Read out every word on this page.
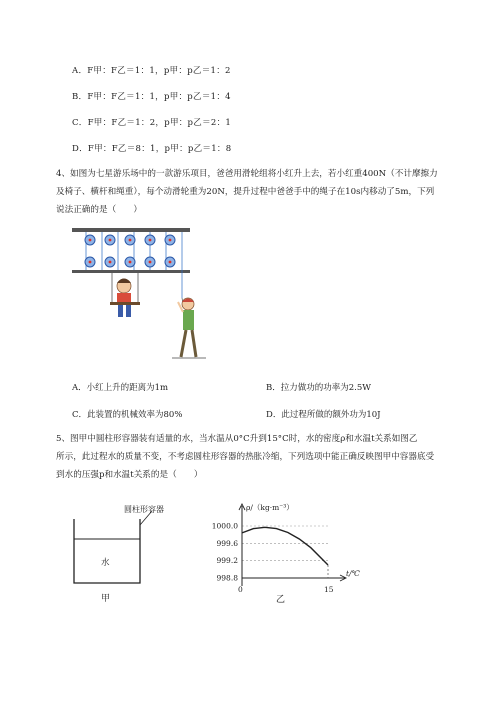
A．F甲：F乙＝1：1，p甲：p乙＝1：2
B．F甲：F乙＝1：1，p甲：p乙＝1：4
C．F甲：F乙＝1：2，p甲：p乙＝2：1
D．F甲：F乙＝8：1，p甲：p乙＝1：8

4、如图为七星游乐场中的一款游乐项目，爸爸用滑轮组将小红升上去，若小红重400N（不计摩擦力

及椅子、横杆和绳重），每个动滑轮重为20N，提升过程中爸爸手中的绳子在10s内移动了5m，下列

说法正确的是（　　）

A．小红上升的距离为1m	B．拉力做功的功率为2.5W
C．此装置的机械效率为80%	D．此过程所做的额外功为10J

5、图甲中圆柱形容器装有适量的水，当水温从0°C升到15°C时，水的密度ρ和水温t关系如图乙

所示，此过程水的质量不变，不考虑圆柱形容器的热胀冷缩，下列选项中能正确反映图甲中容器底受

到水的压强p和水温t关系的是（　　）

圆柱形容器
水
甲
998.8
999.2
999.6
1000.0
ρ/（kg·m⁻³）
t/℃
0	15
乙
